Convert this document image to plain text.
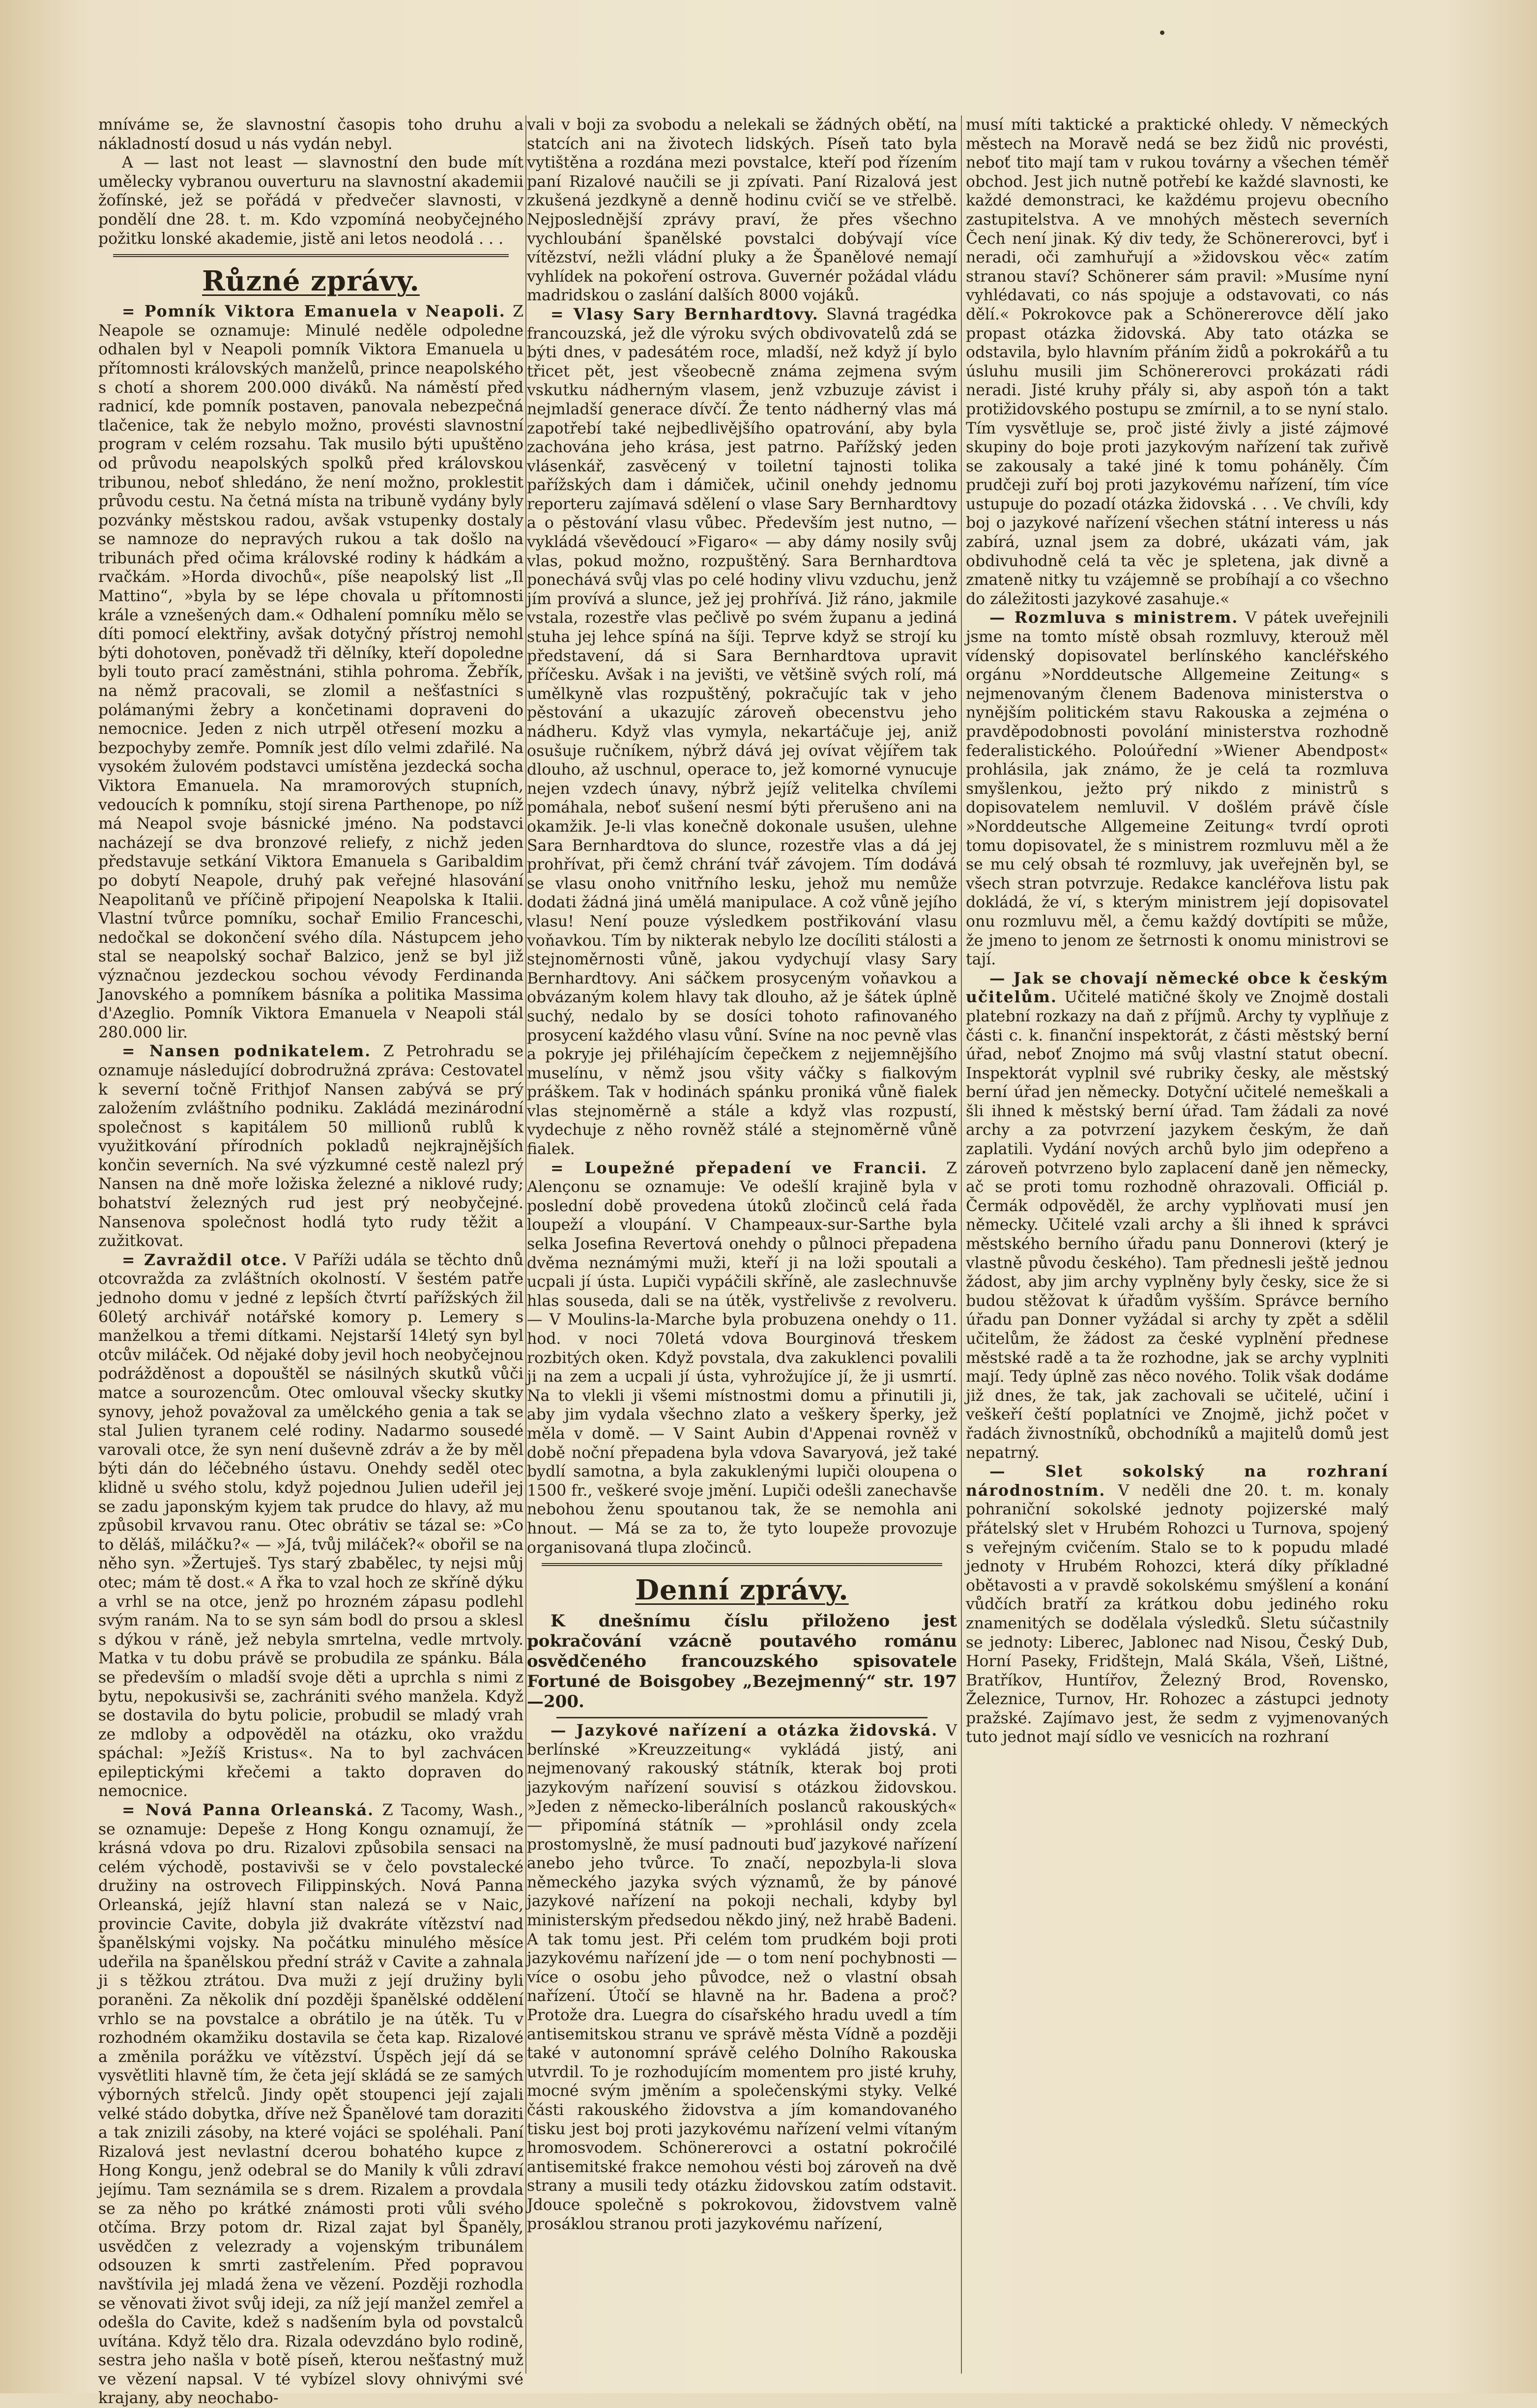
mníváme se, že slavnostní časopis toho druhu a nákladností dosud u nás vydán nebyl.

A — last not least — slavnostní den bude mít umělecky vybranou ouverturu na slavnostní akademii žofínské, jež se pořádá v předvečer slavnosti, v pondělí dne 28. t. m. Kdo vzpomíná neobyčejného požitku lonské akademie, jistě ani letos neodolá . . .

Různé zprávy.

= Pomník Viktora Emanuela v Neapoli. Z Neapole se oznamuje: Minulé neděle odpoledne odhalen byl v Neapoli pomník Viktora Emanuela u přítomnosti královských manželů, prince neapolského s chotí a shorem 200.000 diváků. Na náměstí před radnicí, kde pomník postaven, panovala nebezpečná tlačenice, tak že nebylo možno, provésti slavnostní program v celém rozsahu. Tak musilo býti upuštěno od průvodu neapolských spolků před královskou tribunou, neboť shledáno, že není možno, proklestit průvodu cestu. Na četná místa na tribuně vydány byly pozvánky městskou radou, avšak vstupenky dostaly se namnoze do nepravých rukou a tak došlo na tribunách před očima královské rodiny k hádkám a rvačkám. »Horda divochů«, píše neapolský list „Il Mattino“, »byla by se lépe chovala u přítomnosti krále a vznešených dam.« Odhalení pomníku mělo se díti pomocí elektřiny, avšak dotyčný přístroj nemohl býti dohotoven, poněvadž tři dělníky, kteří dopoledne byli touto prací zaměstnáni, stihla pohroma. Žebřík, na němž pracovali, se zlomil a nešťastníci s polámanými žebry a končetinami dopraveni do nemocnice. Jeden z nich utrpěl otřesení mozku a bezpochyby zemře. Pomník jest dílo velmi zdařilé. Na vysokém žulovém podstavci umístěna jezdecká socha Viktora Emanuela. Na mramorových stupních, vedoucích k pomníku, stojí sirena Parthenope, po níž má Neapol svoje básnické jméno. Na podstavci nacházejí se dva bronzové reliefy, z nichž jeden představuje setkání Viktora Emanuela s Garibaldim po dobytí Neapole, druhý pak veřejné hlasování Neapolitanů ve příčině připojení Neapolska k Italii. Vlastní tvůrce pomníku, sochař Emilio Franceschi, nedočkal se dokončení svého díla. Nástupcem jeho stal se neapolský sochař Balzico, jenž se byl již význačnou jezdeckou sochou vévody Ferdinanda Janovského a pomníkem básníka a politika Massima d'Azeglio. Pomník Viktora Emanuela v Neapoli stál 280.000 lir.

= Nansen podnikatelem. Z Petrohradu se oznamuje následující dobrodružná zpráva: Cestovatel k severní točně Frithjof Nansen zabývá se prý založením zvláštního podniku. Zakládá mezinárodní společnost s kapitálem 50 millionů rublů k využitkování přírodních pokladů nejkrajnějších končin severních. Na své výzkumné cestě nalezl prý Nansen na dně moře ložiska železné a niklové rudy; bohatství železných rud jest prý neobyčejné. Nansenova společnost hodlá tyto rudy těžit a zužitkovat.

= Zavraždil otce. V Paříži udála se těchto dnů otcovražda za zvláštních okolností. V šestém patře jednoho domu v jedné z lepších čtvrtí pařížských žil 60letý archivář notářské komory p. Lemery s manželkou a třemi dítkami. Nejstarší 14letý syn byl otcův miláček. Od nějaké doby jevil hoch neobyčejnou podrážděnost a dopouštěl se násilných skutků vůči matce a sourozencům. Otec omlouval všecky skutky synovy, jehož považoval za umělckého genia a tak se stal Julien tyranem celé rodiny. Nadarmo sousedé varovali otce, že syn není duševně zdráv a že by měl býti dán do léčebného ústavu. Onehdy seděl otec klidně u svého stolu, když pojednou Julien udeřil jej se zadu japonským kyjem tak prudce do hlavy, až mu způsobil krvavou ranu. Otec obrátiv se tázal se: »Co to děláš, miláčku?« — »Já, tvůj miláček?« obořil se na něho syn. »Žertuješ. Tys starý zbabělec, ty nejsi můj otec; mám tě dost.« A řka to vzal hoch ze skříně dýku a vrhl se na otce, jenž po hrozném zápasu podlehl svým ranám. Na to se syn sám bodl do prsou a sklesl s dýkou v ráně, jež nebyla smrtelna, vedle mrtvoly. Matka v tu dobu právě se probudila ze spánku. Bála se především o mladší svoje děti a uprchla s nimi z bytu, nepokusivši se, zachrániti svého manžela. Když se dostavila do bytu policie, probudil se mladý vrah ze mdloby a odpověděl na otázku, oko vraždu spáchal: »Ježíš Kristus«. Na to byl zachvácen epileptickými křečemi a takto dopraven do nemocnice.

= Nová Panna Orleanská. Z Tacomy, Wash., se oznamuje: Depeše z Hong Kongu oznamují, že krásná vdova po dru. Rizalovi způsobila sensaci na celém východě, postavivši se v čelo povstalecké družiny na ostrovech Filippinských. Nová Panna Orleanská, jejíž hlavní stan nalezá se v Naic, provincie Cavite, dobyla již dvakráte vítězství nad španělskými vojsky. Na počátku minulého měsíce udeřila na španělskou přední stráž v Cavite a zahnala ji s těžkou ztrátou. Dva muži z její družiny byli poraněni. Za několik dní později španělské oddělení vrhlo se na povstalce a obrátilo je na útěk. Tu v rozhodném okamžiku dostavila se četa kap. Rizalové a změnila porážku ve vítězství. Úspěch její dá se vysvětliti hlavně tím, že četa její skládá se ze samých výborných střelců. Jindy opět stoupenci její zajali velké stádo dobytka, dříve než Španělové tam doraziti a tak znizili zásoby, na které vojáci se spoléhali. Paní Rizalová jest nevlastní dcerou bohatého kupce z Hong Kongu, jenž odebral se do Manily k vůli zdraví jejímu. Tam seznámila se s drem. Rizalem a provdala se za něho po krátké známosti proti vůli svého otčíma. Brzy potom dr. Rizal zajat byl Španěly, usvědčen z velezrady a vojenským tribunálem odsouzen k smrti zastřelením. Před popravou navštívila jej mladá žena ve vězení. Později rozhodla se věnovati život svůj ideji, za níž její manžel zemřel a odešla do Cavite, kdež s nadšením byla od povstalců uvítána. Když tělo dra. Rizala odevzdáno bylo rodině, sestra jeho našla v botě píseň, kterou nešťastný muž ve vězení napsal. V té vybízel slovy ohnivými své krajany, aby neochabo-

vali v boji za svobodu a nelekali se žádných obětí, na statcích ani na životech lidských. Píseň tato byla vytištěna a rozdána mezi povstalce, kteří pod řízením paní Rizalové naučili se ji zpívati. Paní Rizalová jest zkušená jezdkyně a denně hodinu cvičí se ve střelbě. Nejposlednější zprávy praví, že přes všechno vychloubání španělské povstalci dobývají více vítězství, nežli vládní pluky a že Španělové nemají vyhlídek na pokoření ostrova. Guvernér požádal vládu madridskou o zaslání dalších 8000 vojáků.

= Vlasy Sary Bernhardtovy. Slavná tragédka francouzská, jež dle výroku svých obdivovatelů zdá se býti dnes, v padesátém roce, mladší, než když jí bylo třicet pět, jest všeobecně známa zejmena svým vskutku nádherným vlasem, jenž vzbuzuje závist i nejmladší generace dívčí. Že tento nádherný vlas má zapotřebí také nejbedlivějšího opatrování, aby byla zachována jeho krása, jest patrno. Pařížský jeden vlásenkář, zasvěcený v toiletní tajnosti tolika pařížských dam i dámiček, učinil onehdy jednomu reporteru zajímavá sdělení o vlase Sary Bernhardtovy a o pěstování vlasu vůbec. Především jest nutno, — vykládá vševědoucí »Figaro« — aby dámy nosily svůj vlas, pokud možno, rozpuštěný. Sara Bernhardtova ponechává svůj vlas po celé hodiny vlivu vzduchu, jenž jím provívá a slunce, jež jej prohřívá. Již ráno, jakmile vstala, rozestře vlas pečlivě po svém županu a jediná stuha jej lehce spíná na šíji. Teprve když se strojí ku představení, dá si Sara Bernhardtova upravit příčesku. Avšak i na jevišti, ve většině svých rolí, má umělkyně vlas rozpuštěný, pokračujíc tak v jeho pěstování a ukazujíc zároveň obecenstvu jeho nádheru. Když vlas vymyla, nekartáčuje jej, aniž osušuje ručníkem, nýbrž dává jej ovívat vějířem tak dlouho, až uschnul, operace to, jež komorné vynucuje nejen vzdech únavy, nýbrž jejíž velitelka chvílemi pomáhala, neboť sušení nesmí býti přerušeno ani na okamžik. Je-li vlas konečně dokonale usušen, ulehne Sara Bernhardtova do slunce, rozestře vlas a dá jej prohřívat, při čemž chrání tvář závojem. Tím dodává se vlasu onoho vnitřního lesku, jehož mu nemůže dodati žádná jiná umělá manipulace. A což vůně jejího vlasu! Není pouze výsledkem postřikování vlasu voňavkou. Tím by nikterak nebylo lze docíliti stálosti a stejnoměrnosti vůně, jakou vydychují vlasy Sary Bernhardtovy. Ani sáčkem prosyceným voňavkou a obvázaným kolem hlavy tak dlouho, až je šátek úplně suchý, nedalo by se dosíci tohoto rafinovaného prosycení každého vlasu vůní. Svíne na noc pevně vlas a pokryje jej přiléhajícím čepečkem z nejjemnějšího muselínu, v němž jsou všity váčky s fialkovým práškem. Tak v hodinách spánku proniká vůně fialek vlas stejnoměrně a stále a když vlas rozpustí, vydechuje z něho rovněž stálé a stejnoměrně vůně fialek.

= Loupežné přepadení ve Francii. Z Alençonu se oznamuje: Ve odešlí krajině byla v poslední době provedena útoků zločinců celá řada loupeží a vloupání. V Champeaux-sur-Sarthe byla selka Josefina Revertová onehdy o půlnoci přepadena dvěma neznámými muži, kteří ji na loži spoutali a ucpali jí ústa. Lupiči vypáčili skříně, ale zaslechnuvše hlas souseda, dali se na útěk, vystřelivše z revolveru. — V Moulins-la-Marche byla probuzena onehdy o 11. hod. v noci 70letá vdova Bourginová třeskem rozbitých oken. Když povstala, dva zakuklenci povalili ji na zem a ucpali jí ústa, vyhrožujíce jí, že ji usmrtí. Na to vlekli ji všemi místnostmi domu a přinutili ji, aby jim vydala všechno zlato a veškery šperky, jež měla v domě. — V Saint Aubin d'Appenai rovněž v době noční přepadena byla vdova Savaryová, jež také bydlí samotna, a byla zakuklenými lupiči oloupena o 1500 fr., veškeré svoje jmění. Lupiči odešli zanechavše nebohou ženu spoutanou tak, že se nemohla ani hnout. — Má se za to, že tyto loupeže provozuje organisovaná tlupa zločinců.

Denní zprávy.

K dnešnímu číslu přiloženo jest pokračování vzácně poutavého románu osvědčeného francouzského spisovatele Fortuné de Boisgobey „Bezejmenný“ str. 197—200.

— Jazykové nařízení a otázka židovská. V berlínské »Kreuzzeitung« vykládá jistý, ani nejmenovaný rakouský státník, kterak boj proti jazykovým nařízení souvisí s otázkou židovskou. »Jeden z německo-liberálních poslanců rakouských« — připomíná státník — »prohlásil ondy zcela prostomyslně, že musí padnouti buď jazykové nařízení anebo jeho tvůrce. To značí, nepozbyla-li slova německého jazyka svých významů, že by pánové jazykové nařízení na pokoji nechali, kdyby byl ministerským předsedou někdo jiný, než hrabě Badeni. A tak tomu jest. Při celém tom prudkém boji proti jazykovému nařízení jde — o tom není pochybnosti — více o osobu jeho původce, než o vlastní obsah nařízení. Útočí se hlavně na hr. Badena a proč? Protože dra. Luegra do císařského hradu uvedl a tím antisemitskou stranu ve správě města Vídně a později také v autonomní správě celého Dolního Rakouska utvrdil. To je rozhodujícím momentem pro jisté kruhy, mocné svým jměním a společenskými styky. Velké části rakouského židovstva a jím komandovaného tisku jest boj proti jazykovému nařízení velmi vítaným hromosvodem. Schönererovci a ostatní pokročilé antisemitské frakce nemohou vésti boj zároveň na dvě strany a musili tedy otázku židovskou zatím odstavit. Jdouce společně s pokrokovou, židovstvem valně prosáklou stranou proti jazykovému nařízení,

musí míti taktické a praktické ohledy. V německých městech na Moravě nedá se bez židů nic provésti, neboť tito mají tam v rukou továrny a všechen téměř obchod. Jest jich nutně potřebí ke každé slavnosti, ke každé demonstraci, ke každému projevu obecního zastupitelstva. A ve mnohých městech severních Čech není jinak. Ký div tedy, že Schönererovci, byť i neradi, oči zamhuřují a »židovskou věc« zatím stranou staví? Schönerer sám pravil: »Musíme nyní vyhlédavati, co nás spojuje a odstavovati, co nás dělí.« Pokrokovce pak a Schönererovce dělí jako propast otázka židovská. Aby tato otázka se odstavila, bylo hlavním přáním židů a pokrokářů a tu úsluhu musili jim Schönererovci prokázati rádi neradi. Jisté kruhy přály si, aby aspoň tón a takt protižidovského postupu se zmírnil, a to se nyní stalo. Tím vysvětluje se, proč jisté živly a jisté zájmové skupiny do boje proti jazykovým nařízení tak zuřivě se zakousaly a také jiné k tomu poháněly. Čím prudčeji zuří boj proti jazykovému nařízení, tím více ustupuje do pozadí otázka židovská . . . Ve chvíli, kdy boj o jazykové nařízení všechen státní interess u nás zabírá, uznal jsem za dobré, ukázati vám, jak obdivuhodně celá ta věc je spletena, jak divně a zmateně nitky tu vzájemně se probíhají a co všechno do záležitosti jazykové zasahuje.«

— Rozmluva s ministrem. V pátek uveřejnili jsme na tomto místě obsah rozmluvy, kterouž měl vídenský dopisovatel berlínského kancléřského orgánu »Norddeutsche Allgemeine Zeitung« s nejmenovaným členem Badenova ministerstva o nynějším politickém stavu Rakouska a zejména o pravděpodobnosti povolání ministerstva rozhodně federalistického. Poloúřední »Wiener Abendpost« prohlásila, jak známo, že je celá ta rozmluva smyšlenkou, ježto prý nikdo z ministrů s dopisovatelem nemluvil. V došlém právě čísle »Norddeutsche Allgemeine Zeitung« tvrdí oproti tomu dopisovatel, že s ministrem rozmluvu měl a že se mu celý obsah té rozmluvy, jak uveřejněn byl, se všech stran potvrzuje. Redakce kancléřova listu pak dokládá, že ví, s kterým ministrem její dopisovatel onu rozmluvu měl, a čemu každý dovtípiti se může, že jmeno to jenom ze šetrnosti k onomu ministrovi se tají.

— Jak se chovají německé obce k českým učitelům. Učitelé matičné školy ve Znojmě dostali platební rozkazy na daň z příjmů. Archy ty vyplňuje z části c. k. finanční inspektorát, z části městský berní úřad, neboť Znojmo má svůj vlastní statut obecní. Inspektorát vyplnil své rubriky česky, ale městský berní úřad jen německy. Dotyční učitelé nemeškali a šli ihned k městský berní úřad. Tam žádali za nové archy a za potvrzení jazykem českým, že daň zaplatili. Vydání nových archů bylo jim odepřeno a zároveň potvrzeno bylo zaplacení daně jen německy, ač se proti tomu rozhodně ohrazovali. Officiál p. Čermák odpověděl, že archy vyplňovati musí jen německy. Učitelé vzali archy a šli ihned k správci městského berního úřadu panu Donnerovi (který je vlastně původu českého). Tam přednesli ještě jednou žádost, aby jim archy vyplněny byly česky, sice že si budou stěžovat k úřadům vyšším. Správce berního úřadu pan Donner vyžádal si archy ty zpět a sdělil učitelům, že žádost za české vyplnění přednese městské radě a ta že rozhodne, jak se archy vyplniti mají. Tedy úplně zas něco nového. Tolik však dodáme již dnes, že tak, jak zachovali se učitelé, učiní i veškeří čeští poplatníci ve Znojmě, jichž počet v řadách živnostníků, obchodníků a majitelů domů jest nepatrný.

— Slet sokolský na rozhraní národnostním. V neděli dne 20. t. m. konaly pohraniční sokolské jednoty pojizerské malý přátelský slet v Hrubém Rohozci u Turnova, spojený s veřejným cvičením. Stalo se to k popudu mladé jednoty v Hrubém Rohozci, která díky příkladné obětavosti a v pravdě sokolskému smýšlení a konání vůdčích bratří za krátkou dobu jediného roku znamenitých se dodělala výsledků. Sletu súčastnily se jednoty: Liberec, Jablonec nad Nisou, Český Dub, Horní Paseky, Fridštejn, Malá Skála, Všeň, Lištné, Bratříkov, Huntířov, Železný Brod, Rovensko, Železnice, Turnov, Hr. Rohozec a zástupci jednoty pražské. Zajímavo jest, že sedm z vyjmenovaných tuto jednot mají sídlo ve vesnicích na rozhraní
